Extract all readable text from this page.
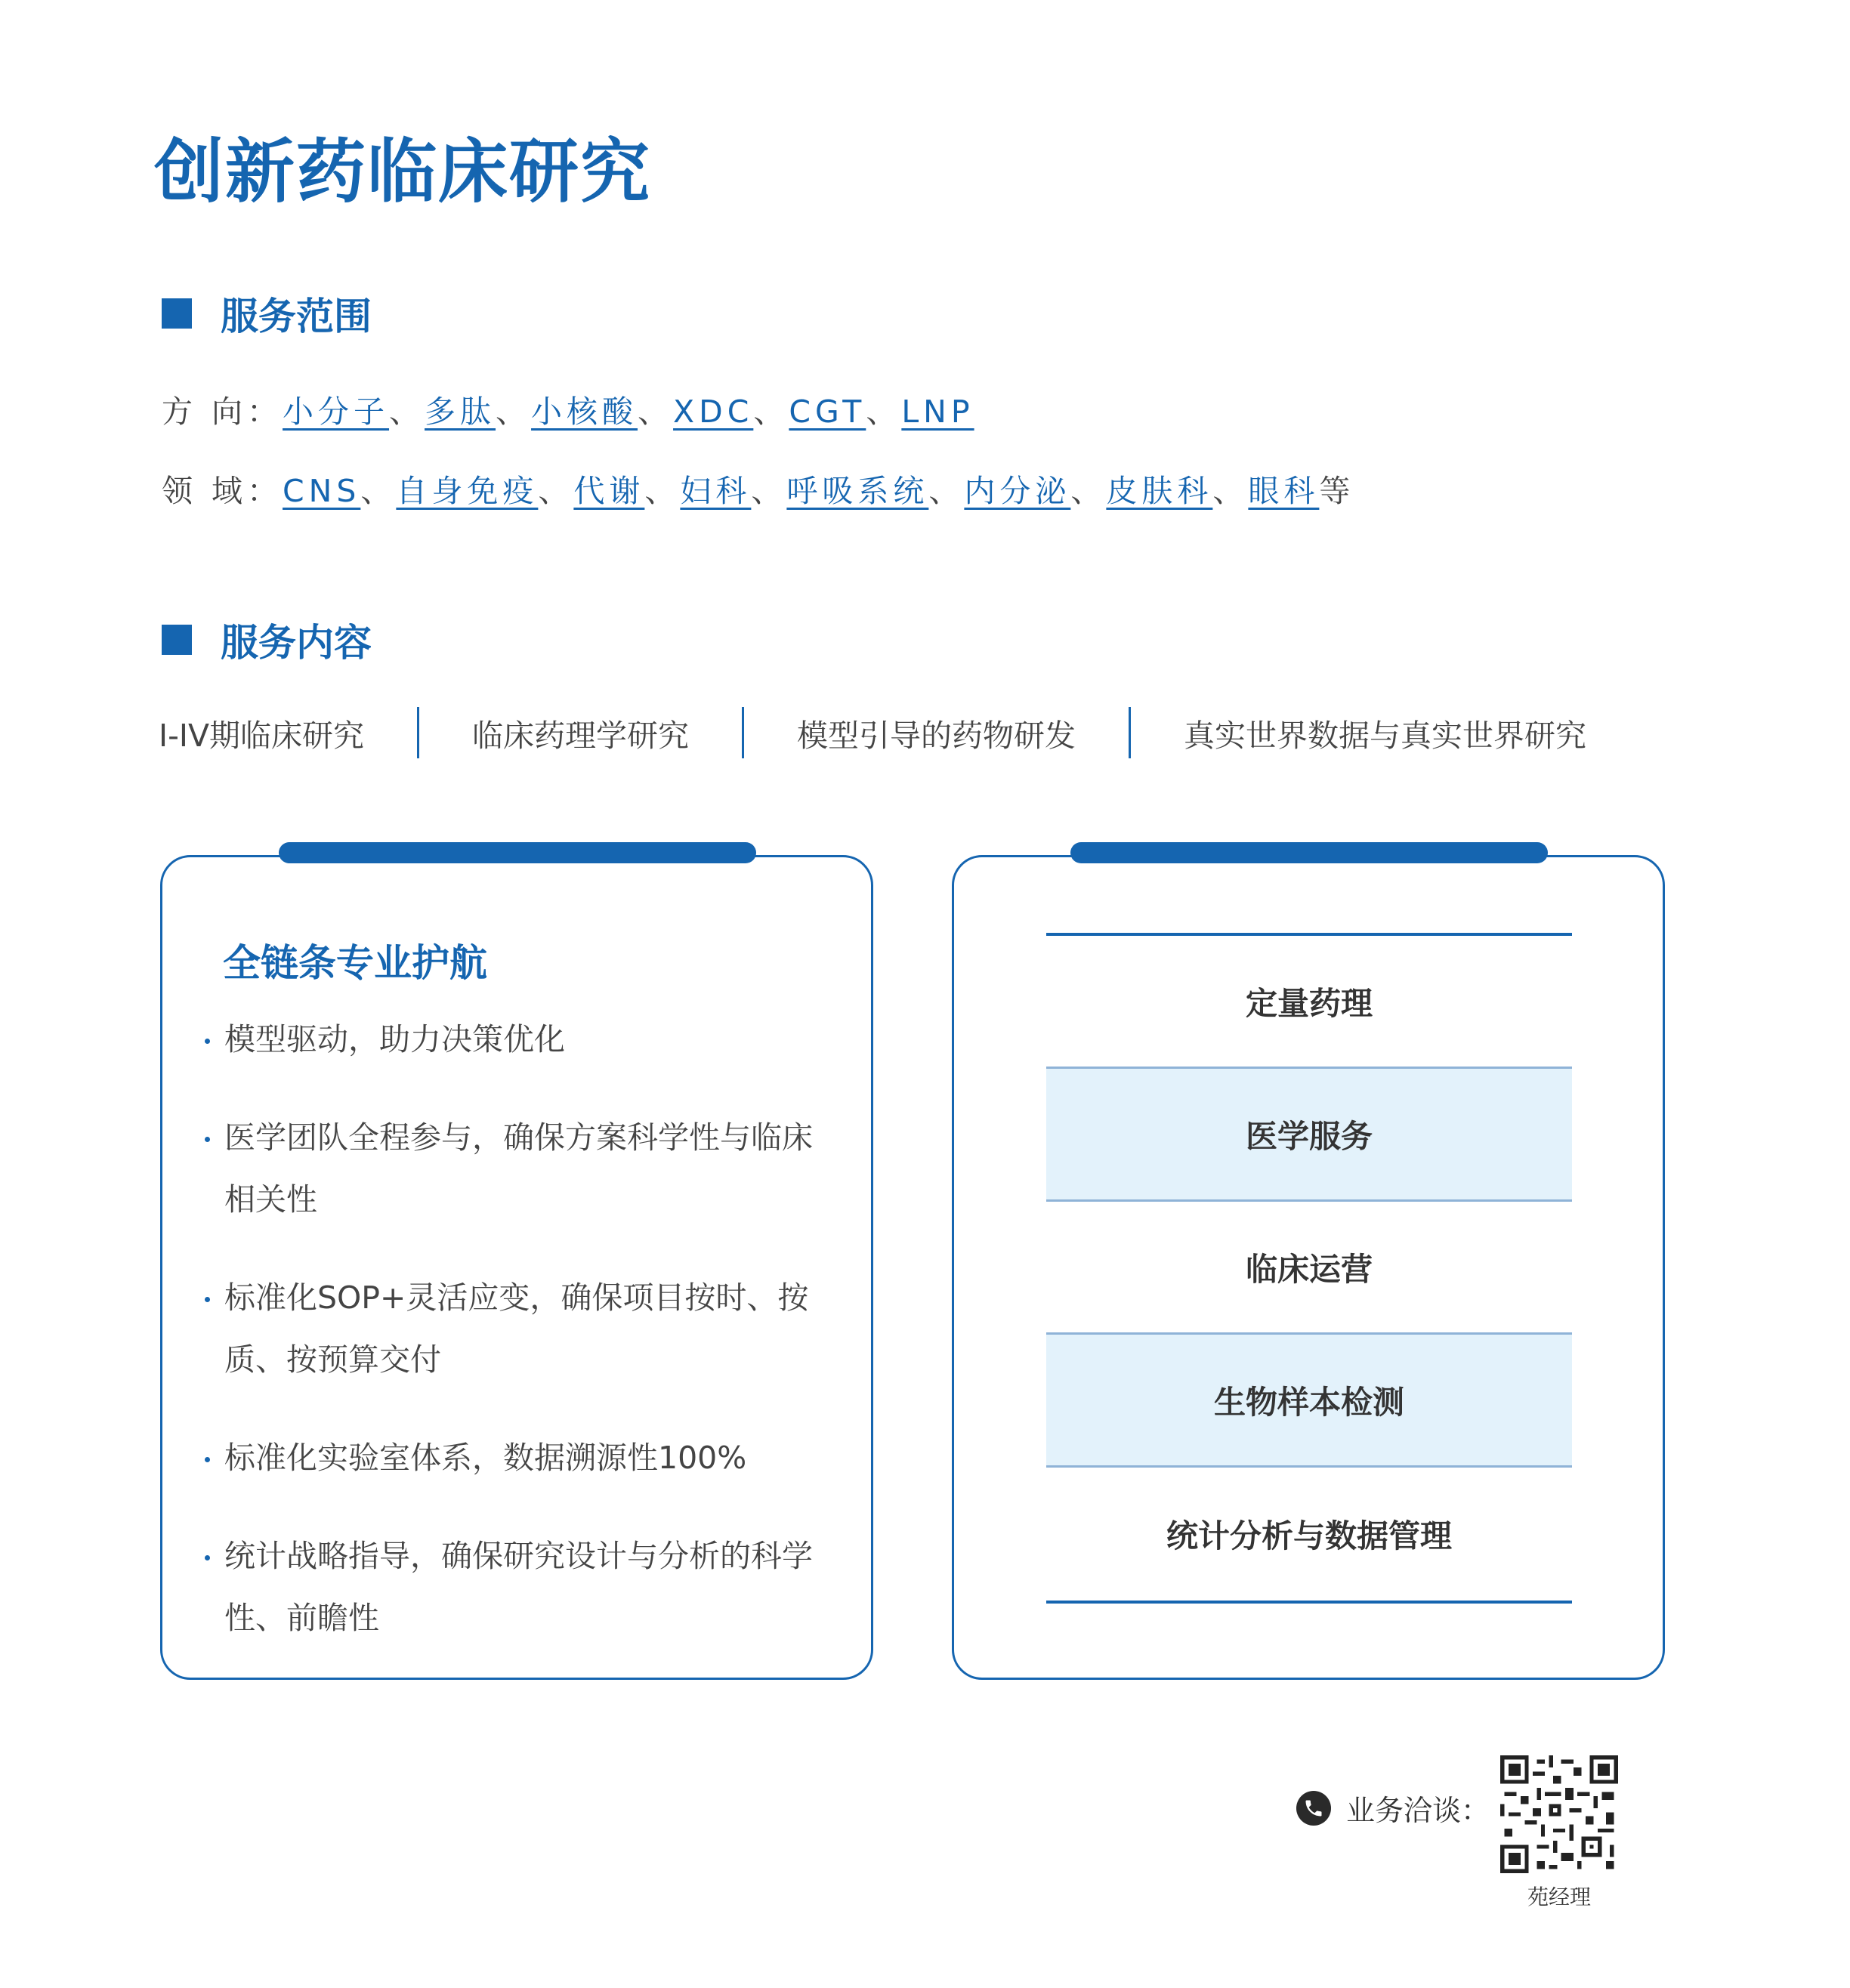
创新药临床研究
服务范围
方 向：小分子、多肽、小核酸、XDC、CGT、LNP
领 域：CNS、自身免疫、代谢、妇科、呼吸系统、内分泌、皮肤科、眼科等
服务内容
I-IV期临床研究	临床药理学研究	模型引导的药物研发	真实世界数据与真实世界研究
全链条专业护航
模型驱动，助力决策优化
医学团队全程参与，确保方案科学性与临床相关性
标准化SOP+灵活应变，确保项目按时、按质、按预算交付
标准化实验室体系，数据溯源性100%
统计战略指导，确保研究设计与分析的科学性、前瞻性
定量药理
医学服务
临床运营
生物样本检测
统计分析与数据管理
业务洽谈：
苑经理
